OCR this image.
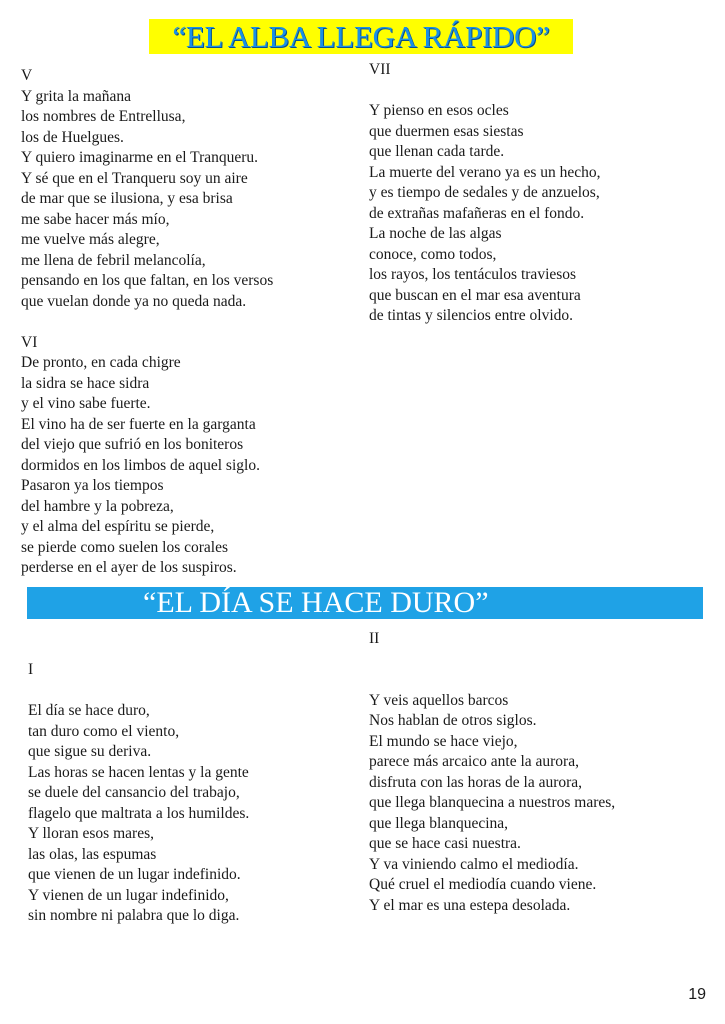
“EL ALBA LLEGA RÁPIDO”
V
Y grita la mañana
los nombres de Entrellusa,
los de Huelgues.
Y quiero imaginarme en el Tranqueru.
Y sé que en el Tranqueru soy un aire
de mar que se ilusiona, y esa brisa
me sabe hacer más mío,
me vuelve más alegre,
me llena de febril melancolía,
pensando en los que faltan, en los versos
que vuelan donde ya no queda nada.
VI
De pronto, en cada chigre
la sidra se hace sidra
y el vino sabe fuerte.
El vino ha de ser fuerte en la garganta
del viejo que sufrió en los boniteros
dormidos en los limbos de aquel siglo.
Pasaron ya los tiempos
del hambre y la pobreza,
y el alma del espíritu se pierde,
se pierde como suelen los corales
perderse en el ayer de los suspiros.
VII
Y pienso en esos ocles
que duermen esas siestas
que llenan cada tarde.
La muerte del verano ya es un hecho,
y es tiempo de sedales y de anzuelos,
de extrañas mafañeras en el fondo.
La noche de las algas
conoce, como todos,
los rayos, los tentáculos traviesos
que buscan en el mar esa aventura
de tintas y silencios entre olvido.
“EL DÍA SE HACE DURO”
I
El día se hace duro,
tan duro como el viento,
que sigue su deriva.
Las horas se hacen lentas y la gente
se duele del cansancio del trabajo,
flagelo que maltrata a los humildes.
Y lloran esos mares,
las olas, las espumas
que vienen de un lugar indefinido.
Y vienen de un lugar indefinido,
sin nombre ni palabra que lo diga.
II
Y veis aquellos barcos
Nos hablan de otros siglos.
El mundo se hace viejo,
parece más arcaico ante la aurora,
disfruta con las horas de la aurora,
que llega blanquecina a nuestros mares,
que llega blanquecina,
que se hace casi nuestra.
Y va viniendo calmo el mediodía.
Qué cruel el mediodía cuando viene.
Y el mar es una estepa desolada.
19
